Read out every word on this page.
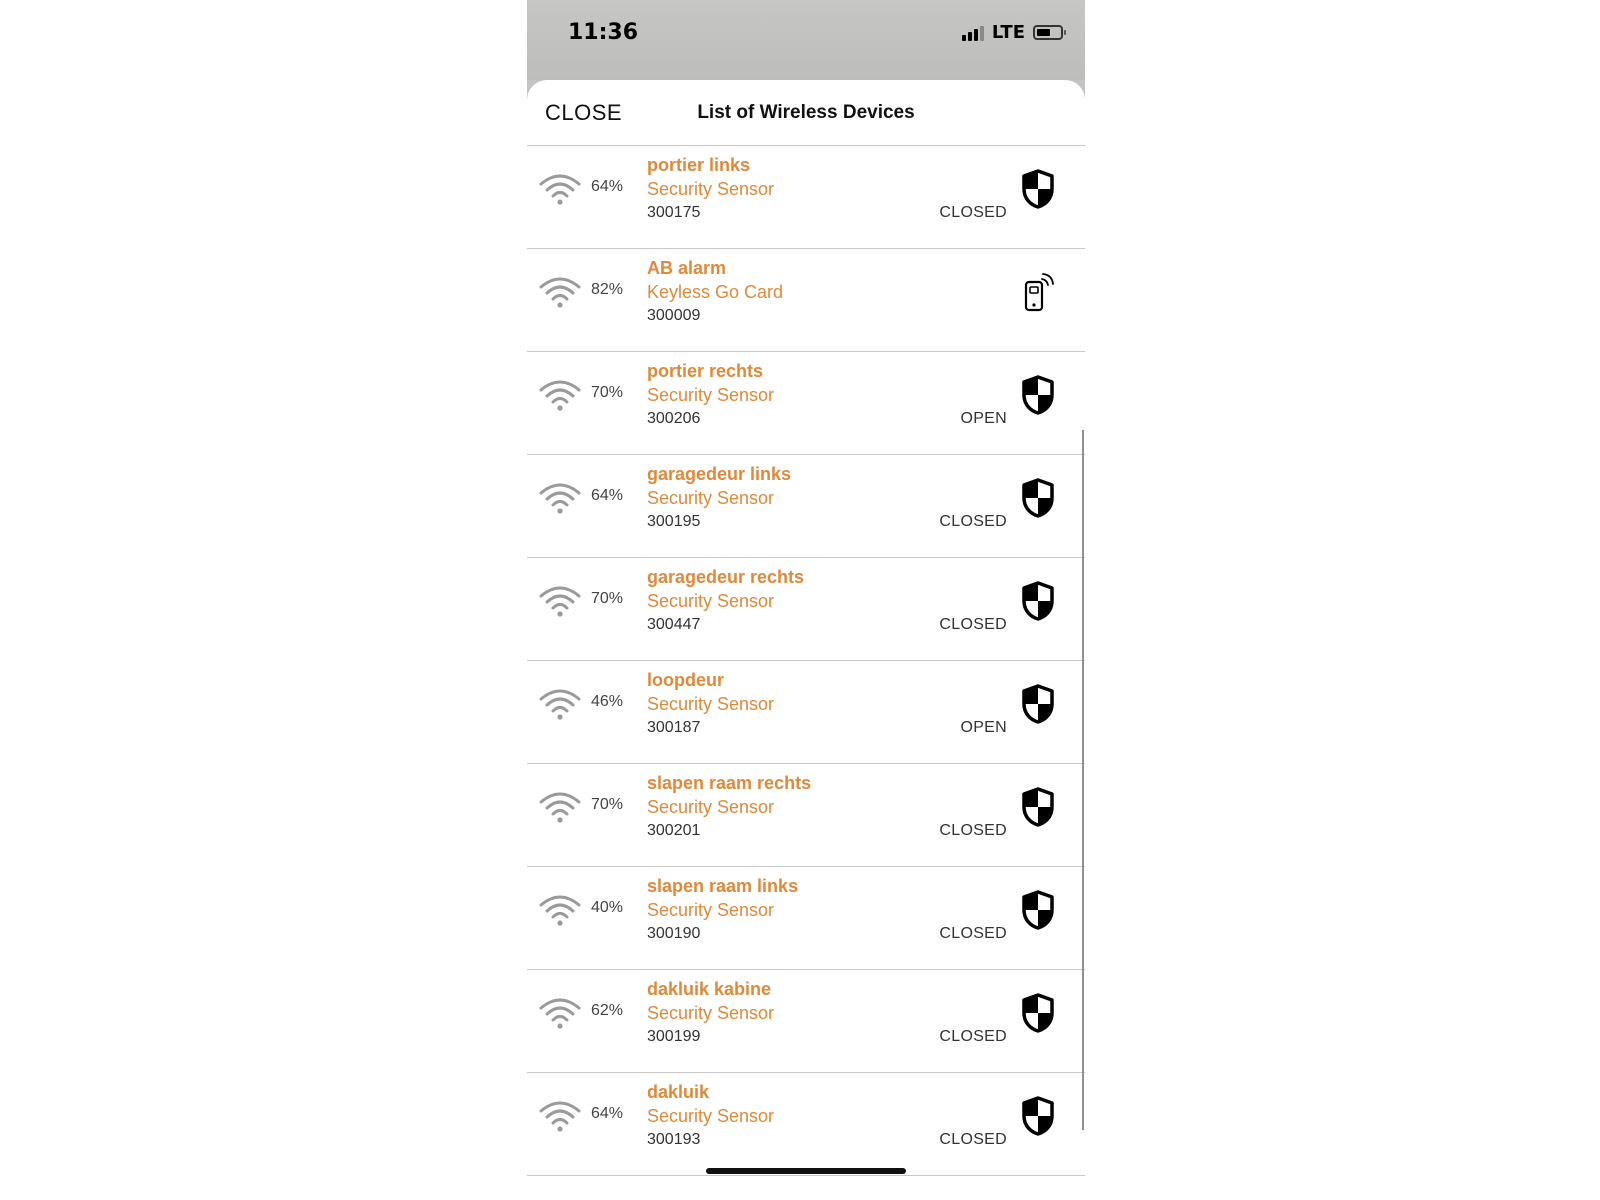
11:36	LTE
CLOSE	List of Wireless Devices
64%
portier links
Security Sensor
300175	CLOSED
82%
AB alarm
Keyless Go Card
300009
70%
portier rechts
Security Sensor
300206	OPEN
64%
garagedeur links
Security Sensor
300195	CLOSED
70%
garagedeur rechts
Security Sensor
300447	CLOSED
46%
loopdeur
Security Sensor
300187	OPEN
70%
slapen raam rechts
Security Sensor
300201	CLOSED
40%
slapen raam links
Security Sensor
300190	CLOSED
62%
dakluik kabine
Security Sensor
300199	CLOSED
64%
dakluik
Security Sensor
300193	CLOSED
